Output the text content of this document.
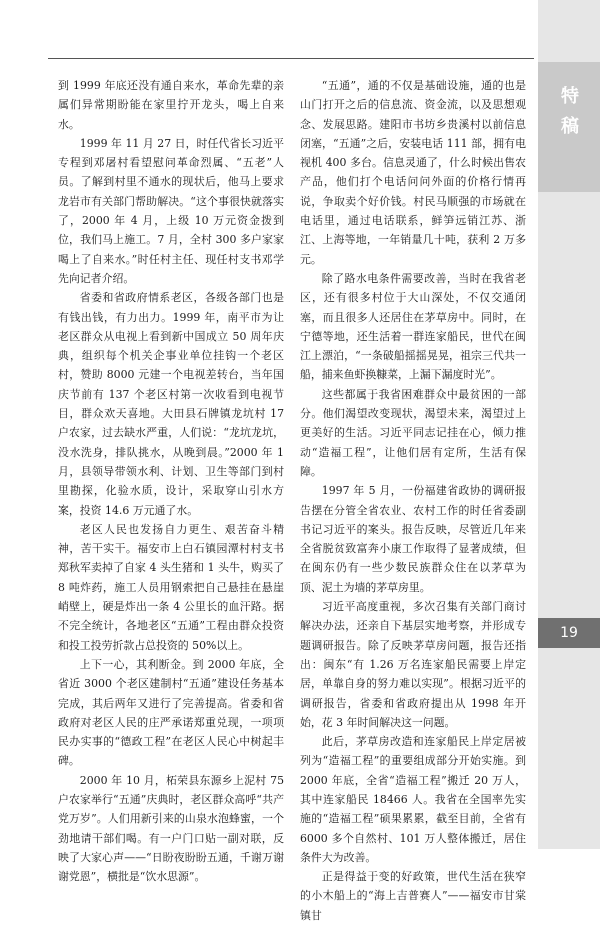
特
稿
19

到 1999 年底还没有通自来水，革命先辈的亲属们异常期盼能在家里拧开龙头，喝上自来水。

1999 年 11 月 27 日，时任代省长习近平专程到邓屠村看望慰问革命烈属、“五老”人员。了解到村里不通水的现状后，他马上要求龙岩市有关部门帮助解决。“这个事很快就落实了，2000 年 4 月，上级 10 万元资金拨到位，我们马上施工。7 月，全村 300 多户家家喝上了自来水。”时任村主任、现任村支书邓学先向记者介绍。

省委和省政府情系老区，各级各部门也是有钱出钱，有力出力。1999 年，南平市为让老区群众从电视上看到新中国成立 50 周年庆典，组织每个机关企事业单位挂钩一个老区村，赞助 8000 元建一个电视差转台，当年国庆节前有 137 个老区村第一次收看到电视节目，群众欢天喜地。大田县石牌镇龙坑村 17 户农家，过去缺水严重，人们说：“龙坑龙坑，没水洗身，排队挑水，从晚到晨。”2000 年 1 月，县领导带领水利、计划、卫生等部门到村里勘探，化验水质，设计，采取穿山引水方案，投资 14.6 万元通了水。

老区人民也发扬自力更生、艰苦奋斗精神，苦干实干。福安市上白石镇园潭村村支书郑秋军卖掉了自家 4 头生猪和 1 头牛，购买了 8 吨炸药，施工人员用钢索把自己悬挂在悬崖峭壁上，硬是炸出一条 4 公里长的血汗路。据不完全统计，各地老区“五通”工程由群众投资和投工投劳折款占总投资的 50%以上。

上下一心，其利断金。到 2000 年底，全省近 3000 个老区建制村“五通”建设任务基本完成，其后两年又进行了完善提高。省委和省政府对老区人民的庄严承诺郑重兑现，一项项民办实事的“德政工程”在老区人民心中树起丰碑。

2000 年 10 月，柘荣县东源乡上泥村 75 户农家举行“五通”庆典时，老区群众高呼“共产党万岁”。人们用新引来的山泉水泡蜂蜜，一个劲地请干部们喝。有一户门口贴一副对联，反映了大家心声——“日盼夜盼盼五通，千谢万谢谢党恩”，横批是“饮水思源”。

“五通”，通的不仅是基础设施，通的也是山门打开之后的信息流、资金流，以及思想观念、发展思路。建阳市书坊乡贵溪村以前信息闭塞，“五通”之后，安装电话 111 部，拥有电视机 400 多台。信息灵通了，什么时候出售农产品，他们打个电话问问外面的价格行情再说，争取卖个好价钱。村民马顺强的市场就在电话里，通过电话联系，鲜笋远销江苏、浙江、上海等地，一年销量几十吨，获利 2 万多元。

除了路水电条件需要改善，当时在我省老区，还有很多村位于大山深处，不仅交通闭塞，而且很多人还居住在茅草房中。同时，在宁德等地，还生活着一群连家船民，世代在闽江上漂泊，“一条破船摇摇晃晃，祖宗三代共一船，捕来鱼虾换糠菜，上漏下漏度时光”。

这些都属于我省困难群众中最贫困的一部分。他们渴望改变现状，渴望未来，渴望过上更美好的生活。习近平同志记挂在心，倾力推动“造福工程”，让他们居有定所，生活有保障。

1997 年 5 月，一份福建省政协的调研报告摆在分管全省农业、农村工作的时任省委副书记习近平的案头。报告反映，尽管近几年来全省脱贫致富奔小康工作取得了显著成绩，但在闽东仍有一些少数民族群众住在以茅草为顶、泥土为墙的茅草房里。

习近平高度重视，多次召集有关部门商讨解决办法，还亲自下基层实地考察，并形成专题调研报告。除了反映茅草房问题，报告还指出：闽东“有 1.26 万名连家船民需要上岸定居，单靠自身的努力难以实现”。根据习近平的调研报告，省委和省政府提出从 1998 年开始，花 3 年时间解决这一问题。

此后，茅草房改造和连家船民上岸定居被列为“造福工程”的重要组成部分开始实施。到 2000 年底，全省“造福工程”搬迁 20 万人，其中连家船民 18466 人。我省在全国率先实施的“造福工程”硕果累累，截至目前，全省有 6000 多个自然村、101 万人整体搬迁，居住条件大为改善。

正是得益于变的好政策，世代生活在狭窄的小木船上的“海上吉普赛人”——福安市甘棠镇甘
